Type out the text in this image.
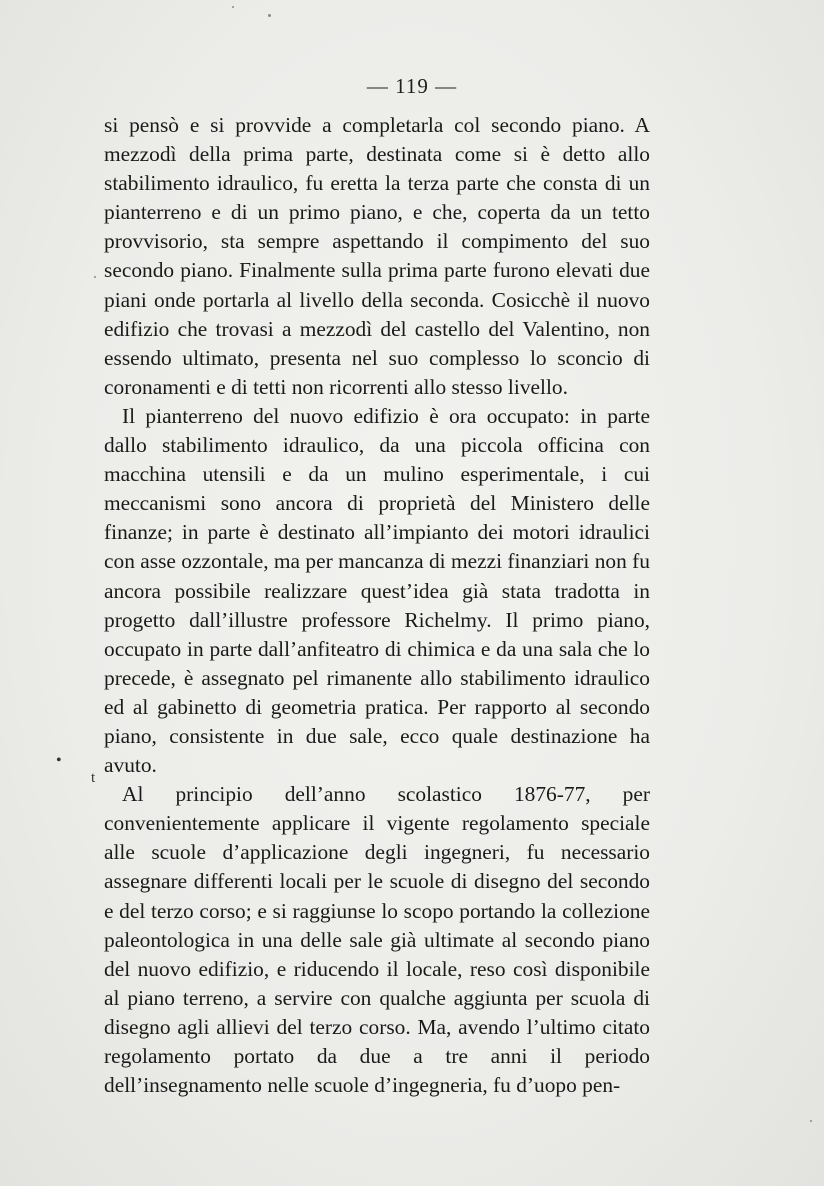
— 119 —

si pensò e si provvide a completarla col secondo piano. A mezzodì della prima parte, destinata come si è detto allo stabilimento idraulico, fu eretta la terza parte che consta di un pianterreno e di un primo piano, e che, coperta da un tetto provvisorio, sta sempre aspettando il compimento del suo secondo piano. Finalmente sulla prima parte furono elevati due piani onde portarla al livello della seconda. Cosicchè il nuovo edifizio che trovasi a mezzodì del castello del Valentino, non essendo ultimato, presenta nel suo complesso lo sconcio di coronamenti e di tetti non ricorrenti allo stesso livello.

Il pianterreno del nuovo edifizio è ora occupato: in parte dallo stabilimento idraulico, da una piccola officina con macchina utensili e da un mulino esperimentale, i cui meccanismi sono ancora di proprietà del Ministero delle finanze; in parte è destinato all’impianto dei motori idraulici con asse ozzontale, ma per mancanza di mezzi finanziari non fu ancora possibile realizzare quest’idea già stata tradotta in progetto dall’illustre professore Richelmy. Il primo piano, occupato in parte dall’anfiteatro di chimica e da una sala che lo precede, è assegnato pel rimanente allo stabilimento idraulico ed al gabinetto di geometria pratica. Per rapporto al secondo piano, consistente in due sale, ecco quale destinazione ha avuto.

Al principio dell’anno scolastico 1876-77, per convenientemente applicare il vigente regolamento speciale alle scuole d’applicazione degli ingegneri, fu necessario assegnare differenti locali per le scuole di disegno del secondo e del terzo corso; e si raggiunse lo scopo portando la collezione paleontologica in una delle sale già ultimate al secondo piano del nuovo edifizio, e riducendo il locale, reso così disponibile al piano terreno, a servire con qualche aggiunta per scuola di disegno agli allievi del terzo corso. Ma, avendo l’ultimo citato regolamento portato da due a tre anni il periodo dell’insegnamento nelle scuole d’ingegneria, fu d’uopo pen-

•
t
